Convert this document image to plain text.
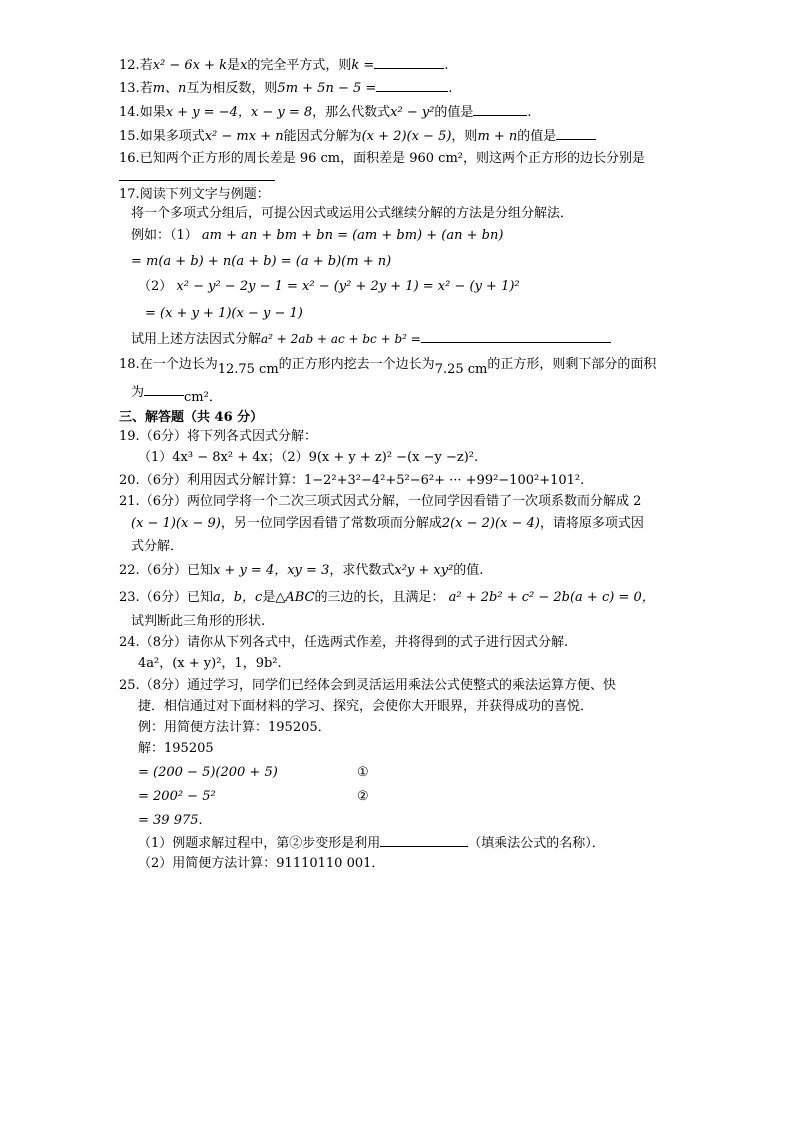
12.若x² − 6x + k是x的完全平方式，则k =	.
13.若m、n互为相反数，则5m + 5n − 5 =	.
14.如果x + y = −4，x − y = 8，那么代数式x² − y²的值是	.
15.如果多项式x² − mx + n能因式分解为(x + 2)(x − 5)，则m + n的值是
16.已知两个正方形的周长差是 96 cm，面积差是 960 cm²，则这两个正方形的边长分别是
17.阅读下列文字与例题：
将一个多项式分组后，可提公因式或运用公式继续分解的方法是分组分解法．
例如：（1） am + an + bm + bn = (am + bm) + (an + bn)
= m(a + b) + n(a + b) = (a + b)(m + n)
（2） x² − y² − 2y − 1 = x² − (y² + 2y + 1) = x² − (y + 1)²
= (x + y + 1)(x − y − 1)
试用上述方法因式分解a² + 2ab + ac + bc + b² =
18.在一个边长为12.75 cm的正方形内挖去一个边长为7.25 cm的正方形，则剩下部分的面积
为	cm²．
三、解答题（共 46 分）
19.（6分）将下列各式因式分解：
（1）4x³ − 8x² + 4x；（2）9(x + y + z)² −(x −y −z)².
20.（6分）利用因式分解计算：1−2²+3²−4²+5²−6²+ ··· +99²−100²+101².
21.（6分）两位同学将一个二次三项式因式分解，一位同学因看错了一次项系数而分解成 2
(x − 1)(x − 9)，另一位同学因看错了常数项而分解成2(x − 2)(x − 4)，请将原多项式因
式分解．
22.（6分）已知x + y = 4，xy = 3，求代数式x²y + xy²的值.
23.（6分）已知a，b，c是△ABC的三边的长，且满足： a² + 2b² + c² − 2b(a + c) = 0，
试判断此三角形的形状.
24.（8分）请你从下列各式中，任选两式作差，并将得到的式子进行因式分解.
4a²，(x + y)²，1，9b².
25.（8分）通过学习，同学们已经体会到灵活运用乘法公式使整式的乘法运算方便、快
捷．相信通过对下面材料的学习、探究，会使你大开眼界，并获得成功的喜悦．
例：用简便方法计算：195205．
解：195205
= (200 − 5)(200 + 5)	①
= 200² − 5²	②
= 39 975.
（1）例题求解过程中，第②步变形是利用	（填乘法公式的名称）．
（2）用简便方法计算：91110110 001．
